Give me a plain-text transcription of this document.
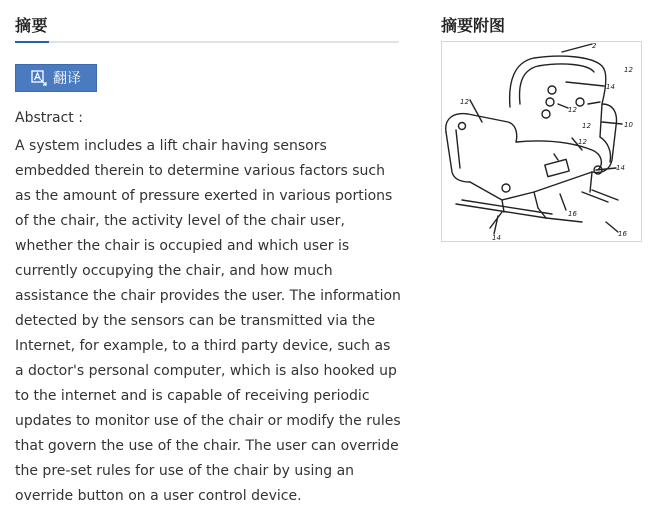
摘要
翻译
Abstract :
A system includes a lift chair having sensors embedded therein to determine various factors such as the amount of pressure exerted in various portions of the chair, the activity level of the chair user, whether the chair is occupied and which user is currently occupying the chair, and how much assistance the chair provides the user. The information detected by the sensors can be transmitted via the Internet, for example, to a third party device, such as a doctor's personal computer, which is also hooked up to the internet and is capable of receiving periodic updates to monitor use of the chair or modify the rules that govern the use of the chair. The user can override the pre-set rules for use of the chair by using an override button on a user control device.
摘要附图
2
12
14
10
12
12
14
12
12
16
14	16
